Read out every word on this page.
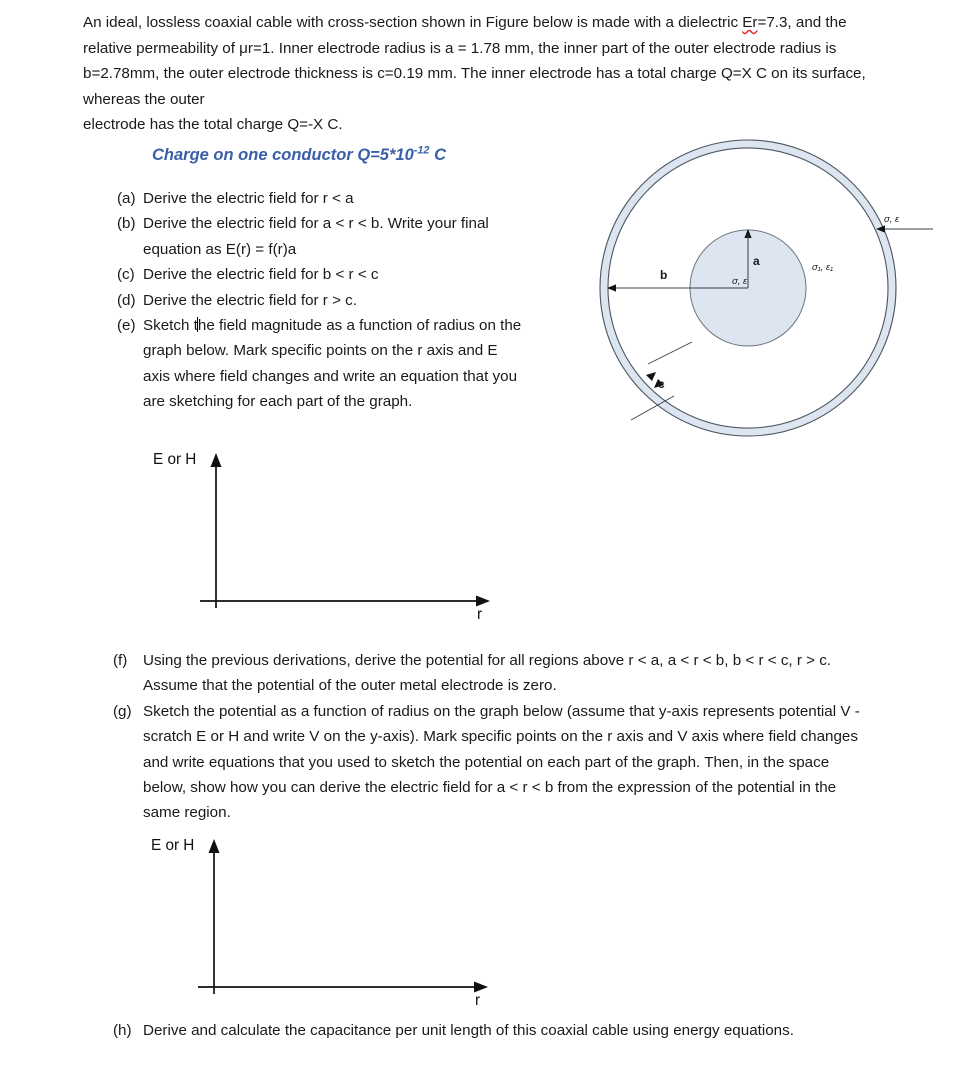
An ideal, lossless coaxial cable with cross-section shown in Figure below is made with a dielectric Εr=7.3, and the relative permeability of μr=1. Inner electrode radius is a = 1.78 mm, the inner part of the outer electrode radius is b=2.78mm, the outer electrode thickness is c=0.19 mm. The inner electrode has a total charge Q=X C on its surface, whereas the outer
electrode has the total charge Q=-X C.
Charge on one conductor $Q=5*10^{-12}$ C
(a) Derive the electric field for r < a
(b) Derive the electric field for a < r < b. Write your final equation as E(r) = f(r)a
(c) Derive the electric field for b < r < c
(d) Derive the electric field for r > c.
(e) Sketch the field magnitude as a function of radius on the graph below. Mark specific points on the r axis and E axis where field changes and write an equation that you are sketching for each part of the graph.
a
b
c
σ, ε
σ₁, ε₁
σ, ε
E or H
r
(f)	Using the previous derivations, derive the potential for all regions above r < a, a < r < b, b < r < c, r > c. Assume that the potential of the outer metal electrode is zero.
(g) Sketch the potential as a function of radius on the graph below (assume that y-axis represents potential V - scratch E or H and write V on the y-axis). Mark specific points on the r axis and V axis where field changes and write equations that you used to sketch the potential on each part of the graph. Then, in the space below, show how you can derive the electric field for a < r < b from the expression of the potential in the same region.
E or H
r
(h) Derive and calculate the capacitance per unit length of this coaxial cable using energy equations.
